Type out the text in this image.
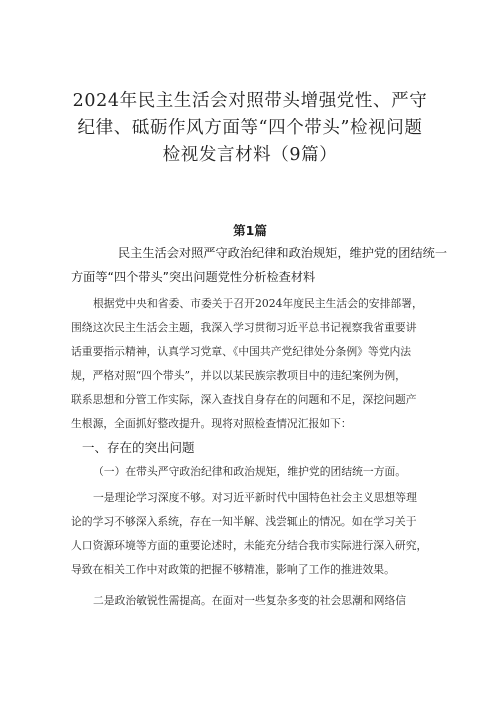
2024年民主生活会对照带头增强党性、严守
纪律、砥砺作风方面等“四个带头”检视问题
检视发言材料（9篇）
第1篇
民主生活会对照严守政治纪律和政治规矩，维护党的团结统一
方面等“四个带头”突出问题党性分析检查材料
根据党中央和省委、市委关于召开2024年度民主生活会的安排部署，
围绕这次民主生活会主题，我深入学习贯彻习近平总书记视察我省重要讲
话重要指示精神，认真学习党章、《中国共产党纪律处分条例》等党内法
规，严格对照“四个带头”，并以以某民族宗教项目中的违纪案例为例，
联系思想和分管工作实际，深入查找自身存在的问题和不足，深挖问题产
生根源，全面抓好整改提升。现将对照检查情况汇报如下：
一、存在的突出问题
（一）在带头严守政治纪律和政治规矩，维护党的团结统一方面。
一是理论学习深度不够。对习近平新时代中国特色社会主义思想等理
论的学习不够深入系统，存在一知半解、浅尝辄止的情况。如在学习关于
人口资源环境等方面的重要论述时，未能充分结合我市实际进行深入研究，
导致在相关工作中对政策的把握不够精准，影响了工作的推进效果。
二是政治敏锐性需提高。在面对一些复杂多变的社会思潮和网络信
